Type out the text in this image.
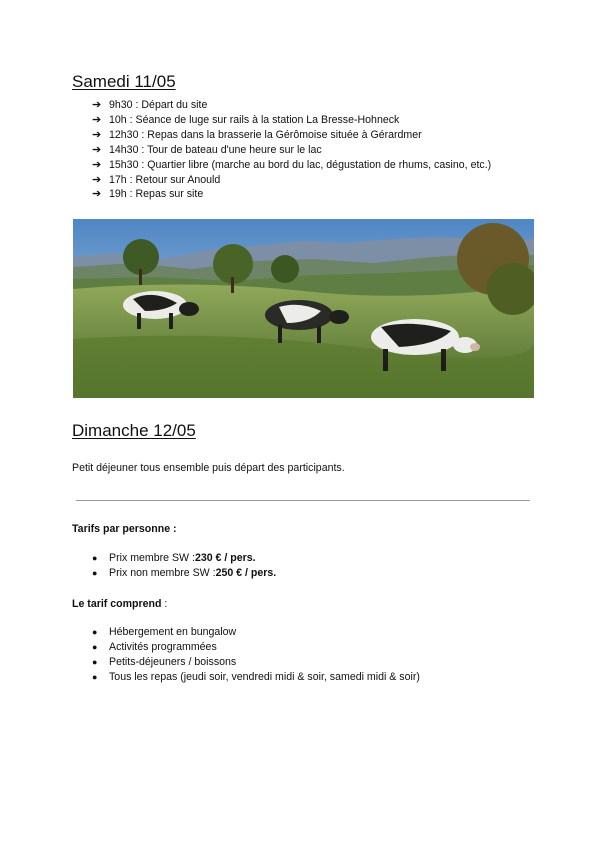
Samedi 11/05
➔ 9h30 : Départ du site
➔ 10h : Séance de luge sur rails à la station La Bresse-Hohneck
➔ 12h30 : Repas dans la brasserie la Gérômoise située à Gérardmer
➔ 14h30 : Tour de bateau d'une heure sur le lac
➔ 15h30 : Quartier libre (marche au bord du lac, dégustation de rhums, casino, etc.)
➔ 17h : Retour sur Anould
➔ 19h : Repas sur site
Dimanche 12/05
Petit déjeuner tous ensemble puis départ des participants.
Tarifs par personne :
●	Prix membre SW : 230 € / pers.
●	Prix non membre SW : 250 € / pers.
Le tarif comprend :
●	Hébergement en bungalow
●	Activités programmées
●	Petits-déjeuners / boissons
●	Tous les repas (jeudi soir, vendredi midi & soir, samedi midi & soir)
